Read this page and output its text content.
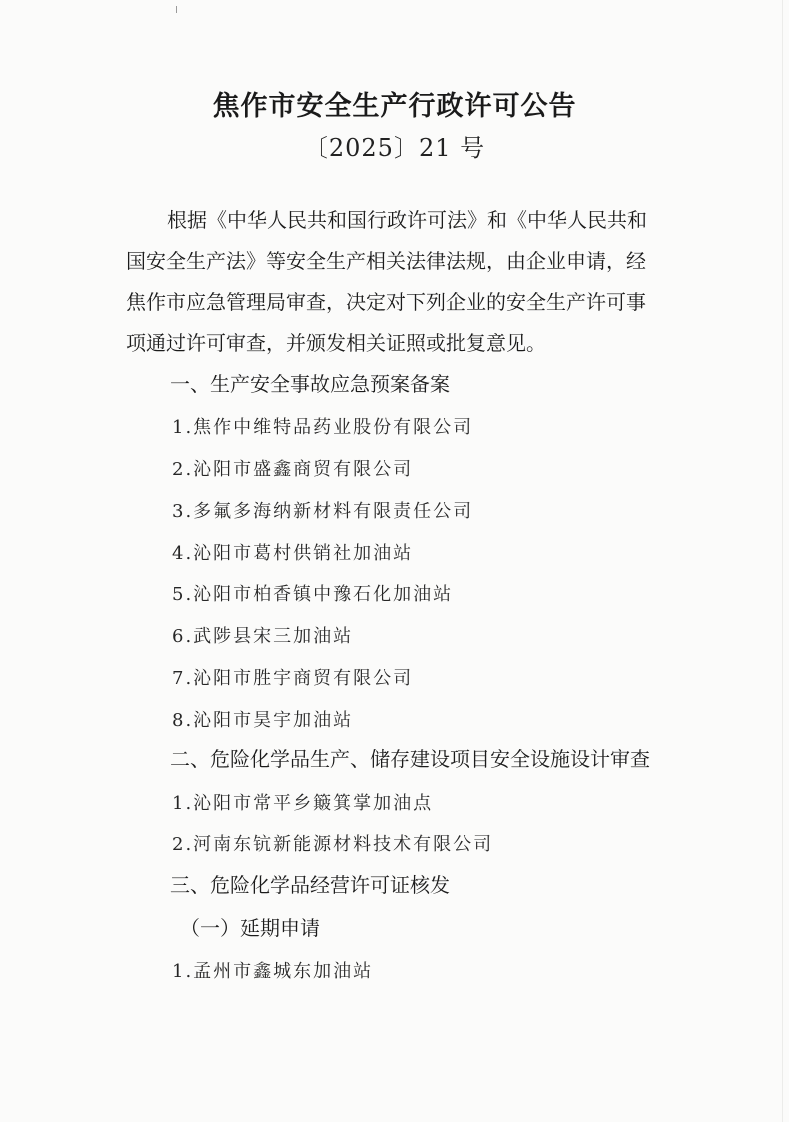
焦作市安全生产行政许可公告
〔2025〕21 号
根据《中华人民共和国行政许可法》和《中华人民共和
国安全生产法》等安全生产相关法律法规，由企业申请，经
焦作市应急管理局审查，决定对下列企业的安全生产许可事
项通过许可审查，并颁发相关证照或批复意见。
一、生产安全事故应急预案备案
1.焦作中维特品药业股份有限公司
2.沁阳市盛鑫商贸有限公司
3.多氟多海纳新材料有限责任公司
4.沁阳市葛村供销社加油站
5.沁阳市柏香镇中豫石化加油站
6.武陟县宋三加油站
7.沁阳市胜宇商贸有限公司
8.沁阳市昊宇加油站
二、危险化学品生产、储存建设项目安全设施设计审查
1.沁阳市常平乡簸箕掌加油点
2.河南东钪新能源材料技术有限公司
三、危险化学品经营许可证核发
（一）延期申请
1.孟州市鑫城东加油站
